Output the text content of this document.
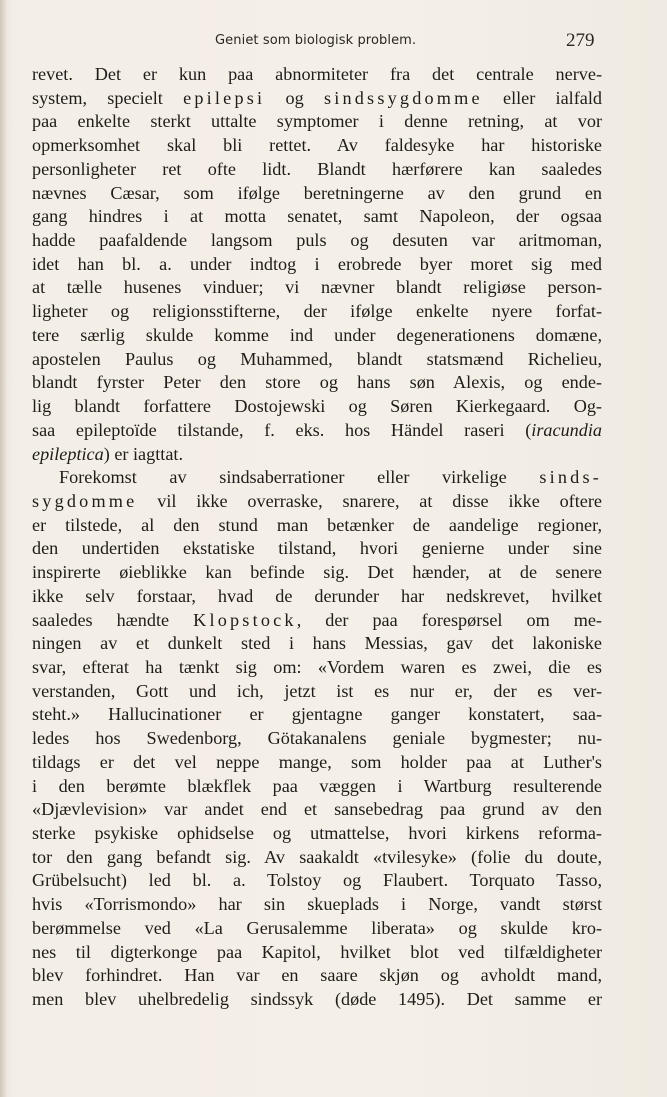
Geniet som biologisk problem.	279
revet. Det er kun paa abnormiteter fra det centrale nerve-
system, specielt epilepsi og sindssygdomme eller ialfald
paa enkelte sterkt uttalte symptomer i denne retning, at vor
opmerksomhet skal bli rettet. Av faldesyke har historiske
personligheter ret ofte lidt. Blandt hærførere kan saaledes
nævnes Cæsar, som ifølge beretningerne av den grund en
gang hindres i at motta senatet, samt Napoleon, der ogsaa
hadde paafaldende langsom puls og desuten var aritmoman,
idet han bl. a. under indtog i erobrede byer moret sig med
at tælle husenes vinduer; vi nævner blandt religiøse person-
ligheter og religionsstifterne, der ifølge enkelte nyere forfat-
tere særlig skulde komme ind under degenerationens domæne,
apostelen Paulus og Muhammed, blandt statsmænd Richelieu,
blandt fyrster Peter den store og hans søn Alexis, og ende-
lig blandt forfattere Dostojewski og Søren Kierkegaard. Og-
saa epileptoïde tilstande, f. eks. hos Händel raseri (iracundia
epileptica) er iagttat.
Forekomst av sindsaberrationer eller virkelige sinds-
sygdomme vil ikke overraske, snarere, at disse ikke oftere
er tilstede, al den stund man betænker de aandelige regioner,
den undertiden ekstatiske tilstand, hvori genierne under sine
inspirerte øieblikke kan befinde sig. Det hænder, at de senere
ikke selv forstaar, hvad de derunder har nedskrevet, hvilket
saaledes hændte Klopstock, der paa forespørsel om me-
ningen av et dunkelt sted i hans Messias, gav det lakoniske
svar, efterat ha tænkt sig om: «Vordem waren es zwei, die es
verstanden, Gott und ich, jetzt ist es nur er, der es ver-
steht.» Hallucinationer er gjentagne ganger konstatert, saa-
ledes hos Swedenborg, Götakanalens geniale bygmester; nu-
tildags er det vel neppe mange, som holder paa at Luther's
i den berømte blækflek paa væggen i Wartburg resulterende
«Djævlevision» var andet end et sansebedrag paa grund av den
sterke psykiske ophidselse og utmattelse, hvori kirkens reforma-
tor den gang befandt sig. Av saakaldt «tvilesyke» (folie du doute,
Grübelsucht) led bl. a. Tolstoy og Flaubert. Torquato Tasso,
hvis «Torrismondo» har sin skueplads i Norge, vandt størst
berømmelse ved «La Gerusalemme liberata» og skulde kro-
nes til digterkonge paa Kapitol, hvilket blot ved tilfældigheter
blev forhindret. Han var en saare skjøn og avholdt mand,
men blev uhelbredelig sindssyk (døde 1495). Det samme er
